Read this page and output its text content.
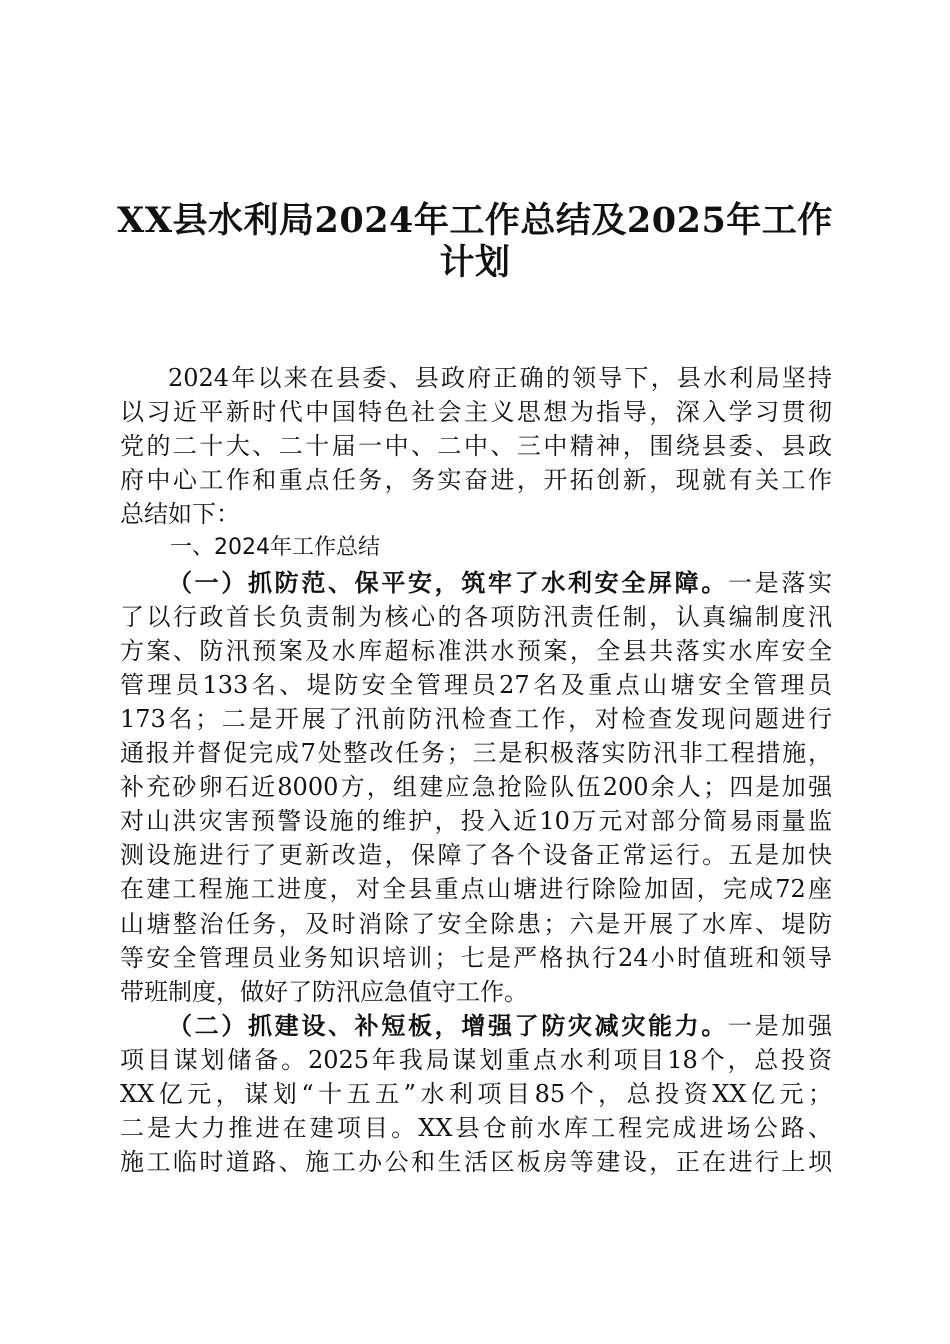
XX县水利局2024年工作总结及2025年工作
计划
2024年以来在县委、县政府正确的领导下，县水利局坚持
以习近平新时代中国特色社会主义思想为指导，深入学习贯彻
党的二十大、二十届一中、二中、三中精神，围绕县委、县政
府中心工作和重点任务，务实奋进，开拓创新，现就有关工作
总结如下：
一、2024年工作总结
（一）抓防范、保平安，筑牢了水利安全屏障。一是落实
了以行政首长负责制为核心的各项防汛责任制，认真编制度汛
方案、防汛预案及水库超标准洪水预案，全县共落实水库安全
管理员133名、堤防安全管理员27名及重点山塘安全管理员
173名；二是开展了汛前防汛检查工作，对检查发现问题进行
通报并督促完成7处整改任务；三是积极落实防汛非工程措施，
补充砂卵石近8000方，组建应急抢险队伍200余人；四是加强
对山洪灾害预警设施的维护，投入近10万元对部分简易雨量监
测设施进行了更新改造，保障了各个设备正常运行。五是加快
在建工程施工进度，对全县重点山塘进行除险加固，完成72座
山塘整治任务，及时消除了安全除患；六是开展了水库、堤防
等安全管理员业务知识培训；七是严格执行24小时值班和领导
带班制度，做好了防汛应急值守工作。
（二）抓建设、补短板，增强了防灾减灾能力。一是加强
项目谋划储备。2025年我局谋划重点水利项目18个，总投资
XX亿元，谋划“十五五”水利项目85个，总投资XX亿元；
二是大力推进在建项目。XX县仓前水库工程完成进场公路、
施工临时道路、施工办公和生活区板房等建设，正在进行上坝
